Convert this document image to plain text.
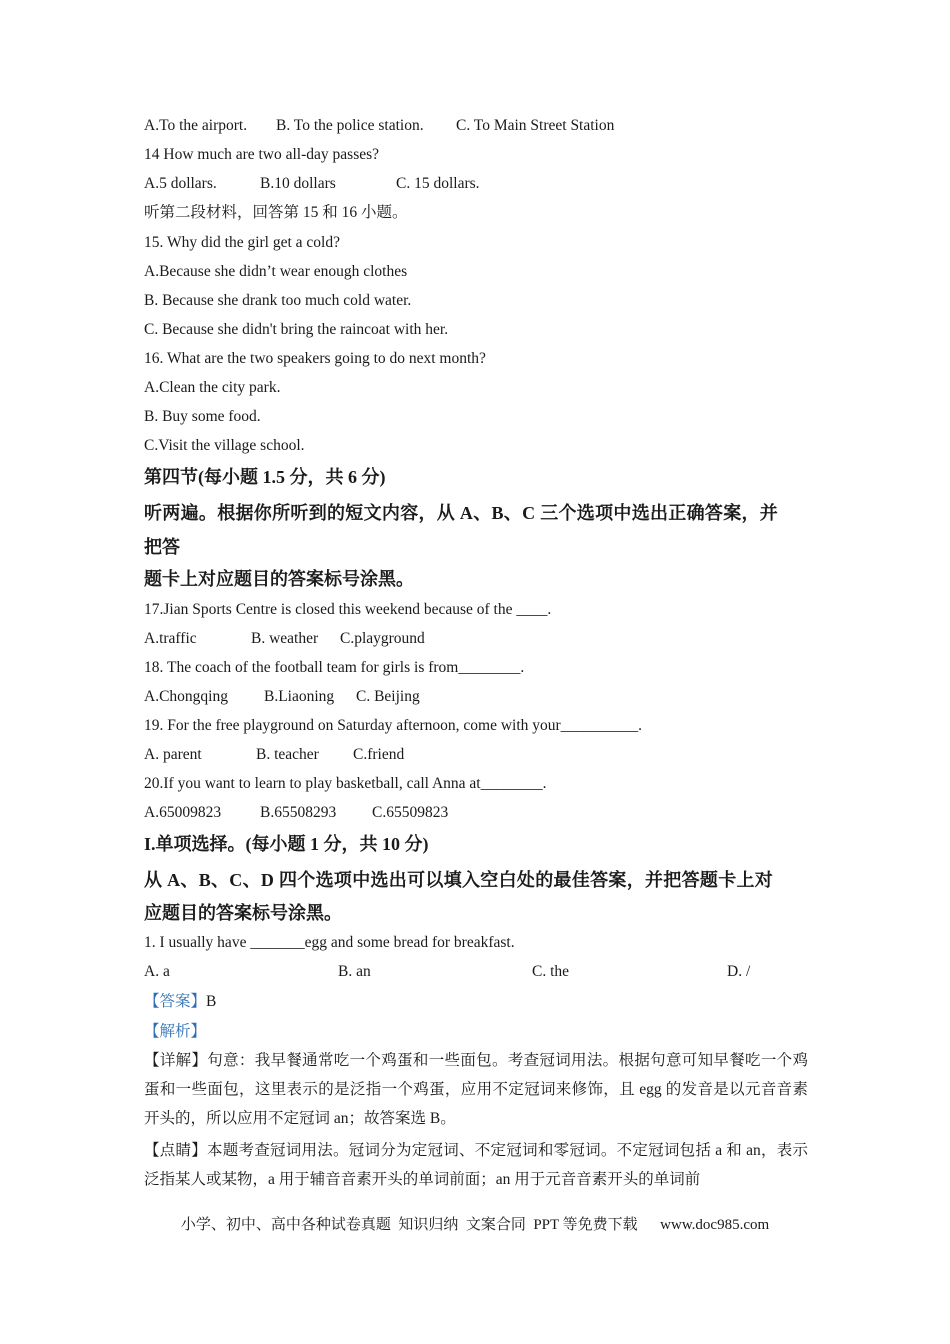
A.To the airport. B. To the police station. C. To Main Street Station
14 How much are two all-day passes?
A.5 dollars.	B.10 dollars	C. 15 dollars.
听第二段材料，回答第 15 和 16 小题。
15. Why did the girl get a cold?
A.Because she didn’t wear enough clothes
B. Because she drank too much cold water.
C. Because she didn't bring the raincoat with her.
16. What are the two speakers going to do next month?
A.Clean the city park.
B. Buy some food.
C.Visit the village school.
第四节(每小题 1.5 分，共 6 分)
听两遍。根据你所听到的短文内容，从 A、B、C 三个选项中选出正确答案，并
把答
题卡上对应题目的答案标号涂黑。
17.Jian Sports Centre is closed this weekend because of the ____.
A.traffic	B. weather C.playground
18. The coach of the football team for girls is from________.
A.Chongqing B.Liaoning C. Beijing
19. For the free playground on Saturday afternoon, come with your__________.
A. parent	B. teacher C.friend
20.If you want to learn to play basketball, call Anna at________.
A.65009823	B.65508293 C.65509823
I.单项选择。(每小题 1 分，共 10 分)
从 A、B、C、D 四个选项中选出可以填入空白处的最佳答案，并把答题卡上对
应题目的答案标号涂黑。
1. I usually have _______egg and some bread for breakfast.
A. a	B. an	C. the	D. /
【答案】B
【解析】
【详解】句意：我早餐通常吃一个鸡蛋和一些面包。考查冠词用法。根据句意可知早餐吃一个鸡蛋和一些面包，这里表示的是泛指一个鸡蛋，应用不定冠词来修饰，且 egg 的发音是以元音音素开头的，所以应用不定冠词 an；故答案选 B。
【点睛】本题考查冠词用法。冠词分为定冠词、不定冠词和零冠词。不定冠词包括 a 和 an，表示泛指某人或某物，a 用于辅音音素开头的单词前面；an 用于元音音素开头的单词前
小学、初中、高中各种试卷真题  知识归纳  文案合同  PPT 等免费下载      www.doc985.com
